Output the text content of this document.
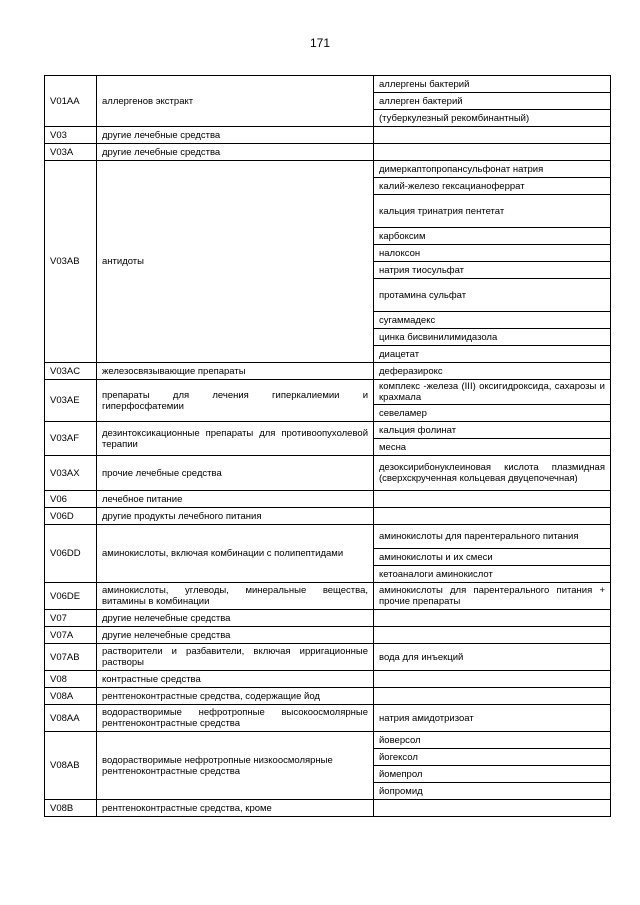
171
V01AA	аллергенов экстракт	аллергены бактерий
		аллерген бактерий
		(туберкулезный рекомбинантный)
V03	другие лечебные средства	
V03A	другие лечебные средства	
V03AB	антидоты	димеркаптопропансульфонат натрия
		калий-железо гексацианоферрат
		кальция тринатрия пентетат
		карбоксим
		налоксон
		натрия тиосульфат
		протамина сульфат
		сугаммадекс
		цинка бисвинилимидазола
		диацетат
V03AC	железосвязывающие препараты	деферазирокс
V03AE	препараты для лечения гиперкалиемии и гиперфосфатемии	комплекс -железа (III) оксигидроксида, сахарозы и крахмала
		севеламер
V03AF	дезинтоксикационные препараты для противоопухолевой терапии	кальция фолинат
		месна
V03AX	прочие лечебные средства	дезоксирибонуклеиновая кислота плазмидная (сверхскрученная кольцевая двуцепочечная)
V06	лечебное питание	
V06D	другие продукты лечебного питания	
V06DD	аминокислоты, включая комбинации с полипептидами	аминокислоты для парентерального питания
		аминокислоты и их смеси
		кетоаналоги аминокислот
V06DE	аминокислоты, углеводы, минеральные вещества, витамины в комбинации	аминокислоты для парентерального питания + прочие препараты
V07	другие нелечебные средства	
V07A	другие нелечебные средства	
V07AB	растворители и разбавители, включая ирригационные растворы	вода для инъекций
V08	контрастные средства	
V08A	рентгеноконтрастные средства, содержащие йод	
V08AA	водорастворимые нефротропные высокоосмолярные рентгеноконтрастные средства	натрия амидотризоат
V08AB	водорастворимые нефротропные низкоосмолярные рентгеноконтрастные средства	йоверсол
		йогексол
		йомепрол
		йопромид
V08B	рентгеноконтрастные средства, кроме	
